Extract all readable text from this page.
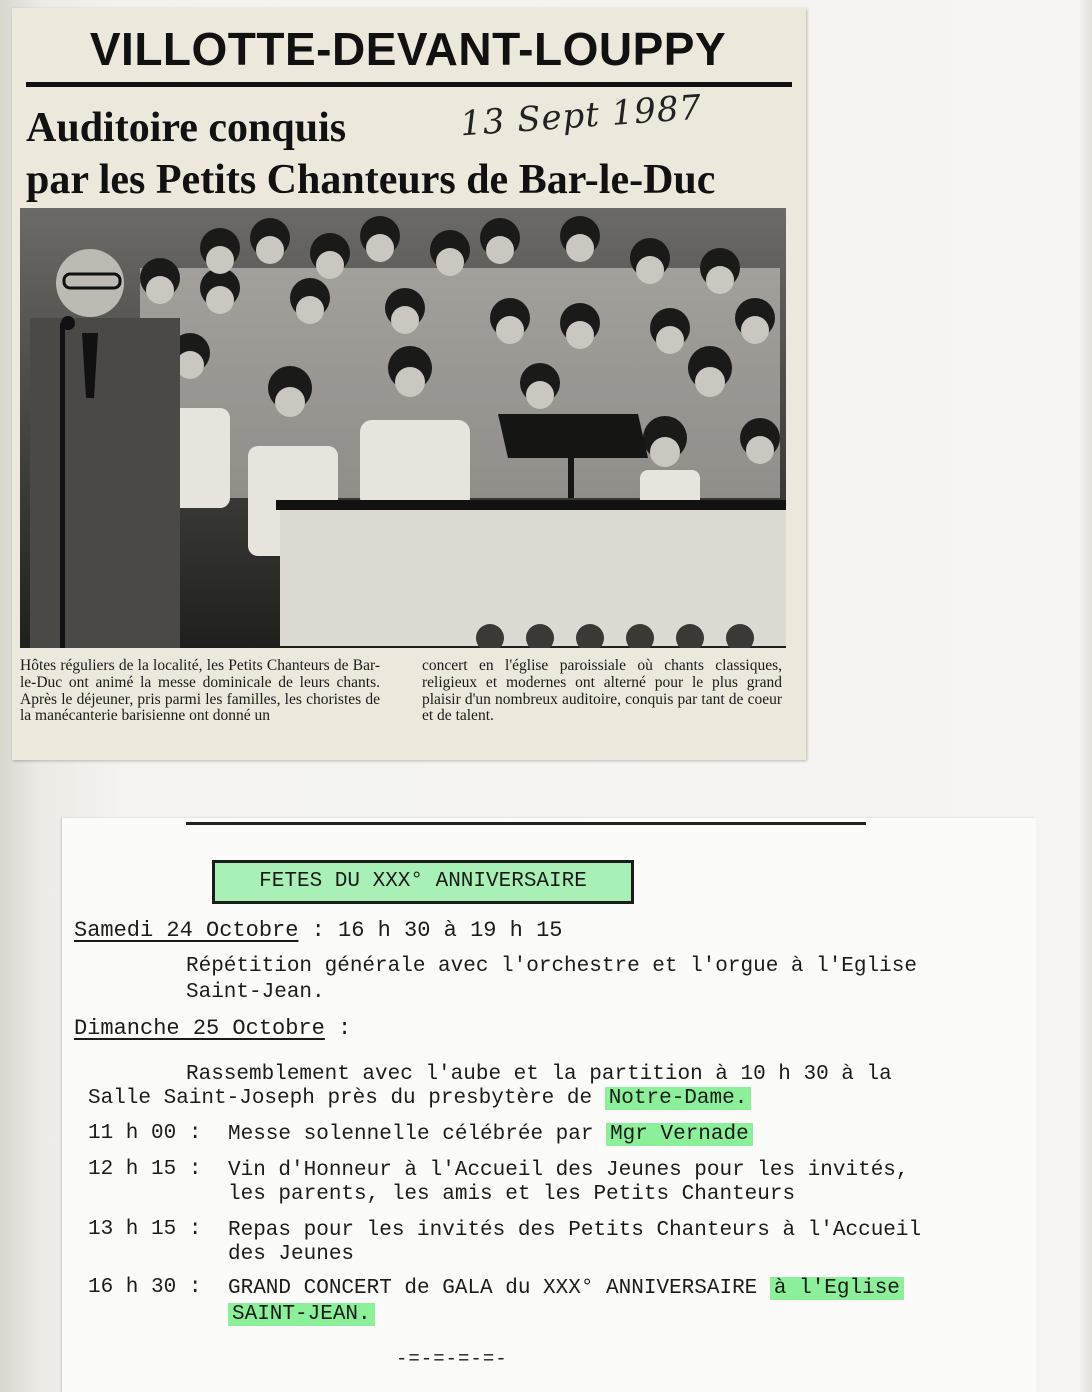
VILLOTTE-DEVANT-LOUPPY
Auditoire conquis
par les Petits Chanteurs de Bar-le-Duc
13 Sept 1987

Hôtes réguliers de la localité, les Petits Chanteurs de Bar-le-Duc ont animé la messe dominicale de leurs chants. Après le déjeuner, pris parmi les familles, les choristes de la manécanterie barisienne ont donné un

concert en l'église paroissiale où chants classiques, religieux et modernes ont alterné pour le plus grand plaisir d'un nombreux auditoire, conquis par tant de coeur et de talent.

FETES DU XXX° ANNIVERSAIRE
Samedi 24 Octobre : 16 h 30 à 19 h 15
Répétition générale avec l'orchestre et l'orgue à l'Eglise
Saint-Jean.
Dimanche 25 Octobre :
Rassemblement avec l'aube et la partition à 10 h 30 à la
Salle Saint-Joseph près du presbytère de Notre-Dame.
11 h 00 : Messe solennelle célébrée par Mgr Vernade
12 h 15 : Vin d'Honneur à l'Accueil des Jeunes pour les invités,
les parents, les amis et les Petits Chanteurs
13 h 15 : Repas pour les invités des Petits Chanteurs à l'Accueil
des Jeunes
16 h 30 : GRAND CONCERT de GALA du XXX° ANNIVERSAIRE à l'Eglise
SAINT-JEAN.
-=-=-=-=-
